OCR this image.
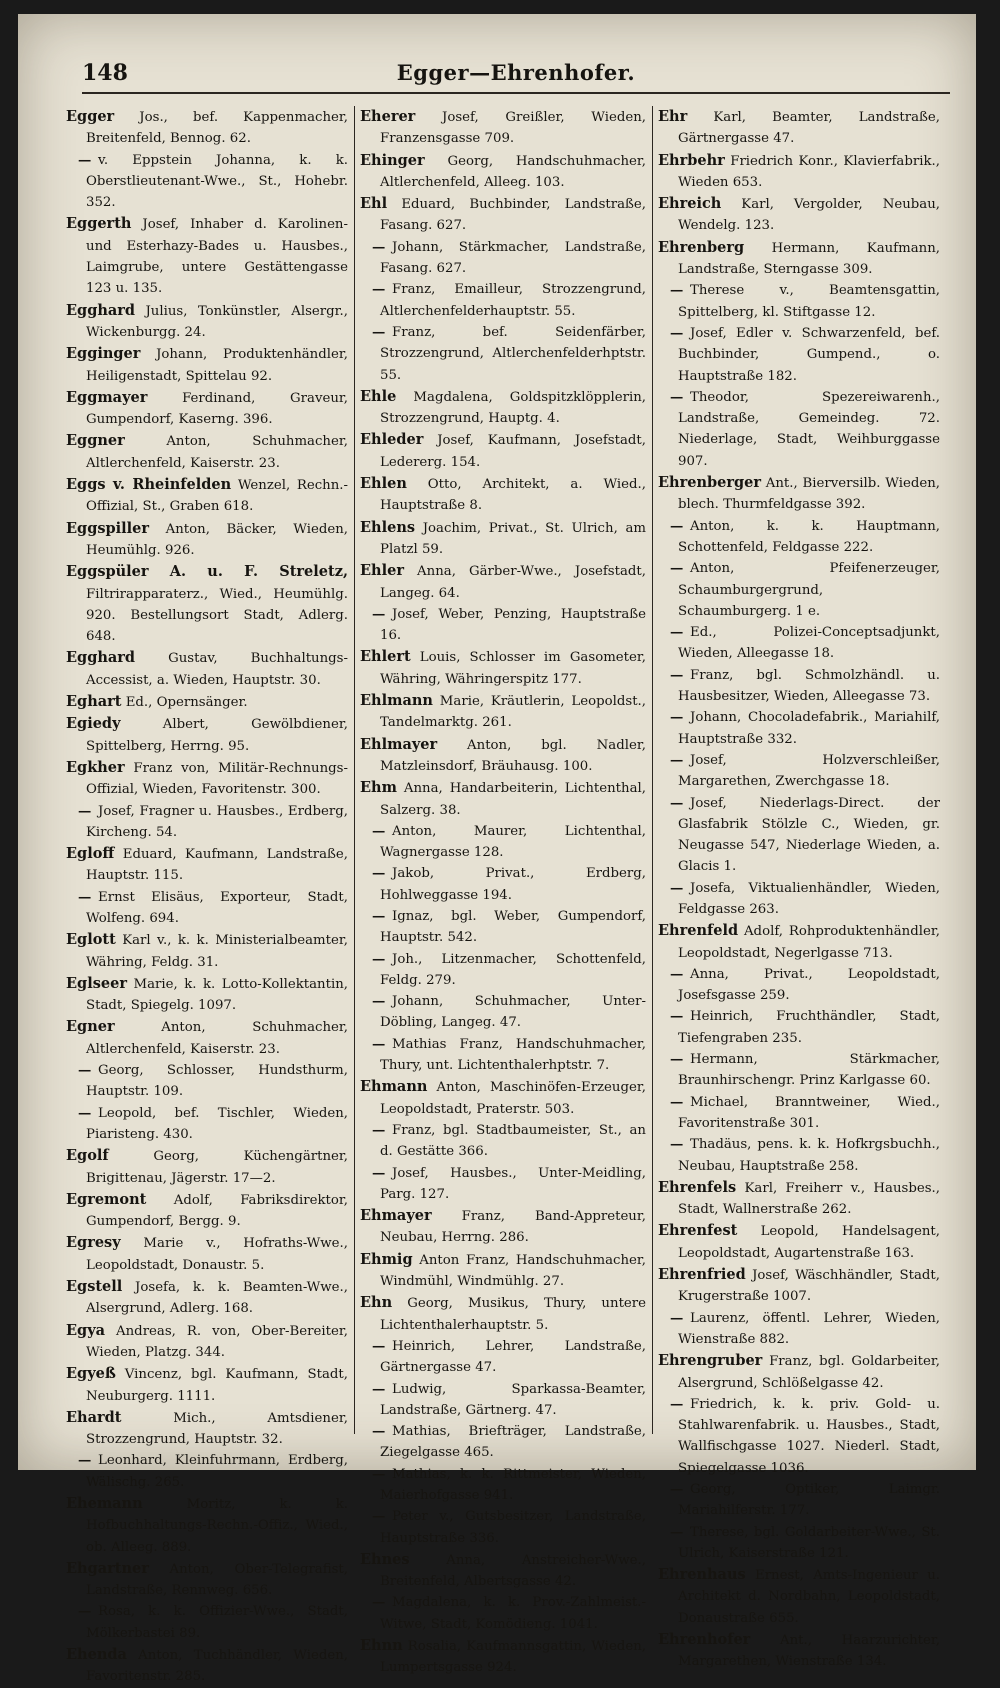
148	Egger—Ehrenhofer.

Egger Jos., bef. Kappenmacher, Breitenfeld, Bennog. 62.

— v. Eppstein Johanna, k. k. Oberstlieutenant-Wwe., St., Hohebr. 352.

Eggerth Josef, Inhaber d. Karolinen- und Esterhazy-Bades u. Hausbes., Laimgrube, untere Gestättengasse 123 u. 135.

Egghard Julius, Tonkünstler, Alsergr., Wickenburgg. 24.

Egginger Johann, Produktenhändler, Heiligenstadt, Spittelau 92.

Eggmayer	Ferdinand, Graveur, Gumpendorf, Kaserng. 396.

Eggner	Anton, Schuhmacher, Altlerchenfeld, Kaiserstr. 23.

Eggs v. Rheinfelden Wenzel, Rechn.-Offizial, St., Graben 618.

Eggspiller Anton, Bäcker, Wieden, Heumühlg. 926.

Eggspüler A. u. F. Streletz, Filtrirapparaterz., Wied., Heumühlg. 920. Bestellungsort Stadt, Adlerg. 648.

Egghard Gustav, Buchhaltungs-Accessist, a. Wieden, Hauptstr. 30.

Eghart Ed., Opernsänger.

Egiedy	Albert, Gewölbdiener, Spittelberg, Herrng. 95.

Egkher Franz von, Militär-Rechnungs-Offizial, Wieden, Favoritenstr. 300.

— Josef, Fragner u. Hausbes., Erdberg, Kircheng. 54.

Egloff Eduard, Kaufmann, Landstraße, Hauptstr. 115.

— Ernst Elisäus, Exporteur, Stadt, Wolfeng. 694.

Eglott Karl v., k. k. Ministerialbeamter, Währing, Feldg. 31.

Eglseer Marie, k. k. Lotto-Kollektantin, Stadt, Spiegelg. 1097.

Egner	Anton, Schuhmacher, Altlerchenfeld, Kaiserstr. 23.

— Georg, Schlosser, Hundsthurm, Hauptstr. 109.

— Leopold, bef. Tischler, Wieden, Piaristeng. 430.

Egolf	Georg, Küchengärtner, Brigittenau, Jägerstr. 17—2.

Egremont Adolf, Fabriksdirektor, Gumpendorf, Bergg. 9.

Egresy Marie v., Hofraths-Wwe., Leopoldstadt, Donaustr. 5.

Egstell Josefa, k. k. Beamten-Wwe., Alsergrund, Adlerg. 168.

Egya Andreas, R. von, Ober-Bereiter, Wieden, Platzg. 344.

Egyeß Vincenz, bgl. Kaufmann, Stadt, Neuburgerg. 1111.

Ehardt	Mich., Amtsdiener, Strozzengrund, Hauptstr. 32.

— Leonhard, Kleinfuhrmann, Erdberg, Wälischg. 265.

Ehemann	Moritz, k. k. Hofbuchhaltungs-Rechn.-Offiz., Wied., ob. Alleeg. 889.

Ehgartner Anton, Ober-Telegrafist, Landstraße, Rennweg. 656.

— Rosa, k. k. Offizier-Wwe., Stadt, Mölkerbastei 89.

Ehenda Anton, Tuchhändler, Wieden, Favoritenstr. 285.

Eherer Josef, Greißler, Wieden, Franzensgasse 709.

Ehinger Georg, Handschuhmacher, Altlerchenfeld, Alleeg. 103.

Ehl Eduard, Buchbinder, Landstraße, Fasang. 627.

— Johann, Stärkmacher, Landstraße, Fasang. 627.

— Franz, Emailleur, Strozzengrund, Altlerchenfelderhauptstr. 55.

— Franz, bef. Seidenfärber, Strozzengrund, Altlerchenfelderhptstr. 55.

Ehle Magdalena, Goldspitzklöpplerin, Strozzengrund, Hauptg. 4.

Ehleder Josef, Kaufmann, Josefstadt, Ledererg. 154.

Ehlen Otto, Architekt, a. Wied., Hauptstraße 8.

Ehlens Joachim, Privat., St. Ulrich, am Platzl 59.

Ehler Anna, Gärber-Wwe., Josefstadt, Langeg. 64.

— Josef, Weber, Penzing, Hauptstraße 16.

Ehlert Louis, Schlosser im Gasometer, Währing, Währingerspitz 177.

Ehlmann Marie, Kräutlerin, Leopoldst., Tandelmarktg. 261.

Ehlmayer Anton, bgl. Nadler, Matzleinsdorf, Bräuhausg. 100.

Ehm Anna, Handarbeiterin, Lichtenthal, Salzerg. 38.

— Anton, Maurer, Lichtenthal, Wagnergasse 128.

— Jakob, Privat., Erdberg, Hohlweggasse 194.

— Ignaz, bgl. Weber, Gumpendorf, Hauptstr. 542.

— Joh., Litzenmacher, Schottenfeld, Feldg. 279.

— Johann, Schuhmacher, Unter-Döbling, Langeg. 47.

— Mathias Franz, Handschuhmacher, Thury, unt. Lichtenthalerhptstr. 7.

Ehmann Anton, Maschinöfen-Erzeuger, Leopoldstadt, Praterstr. 503.

— Franz, bgl. Stadtbaumeister, St., an d. Gestätte 366.

— Josef, Hausbes., Unter-Meidling, Parg. 127.

Ehmayer Franz, Band-Appreteur, Neubau, Herrng. 286.

Ehmig Anton Franz, Handschuhmacher, Windmühl, Windmühlg. 27.

Ehn Georg, Musikus, Thury, untere Lichtenthalerhauptstr. 5.

— Heinrich, Lehrer, Landstraße, Gärtnergasse 47.

— Ludwig, Sparkassa-Beamter, Landstraße, Gärtnerg. 47.

— Mathias, Briefträger, Landstraße, Ziegelgasse 465.

— Mathias, k. k. Rittmeister, Wieden, Maierhofgasse 941.

— Peter v., Gutsbesitzer, Landstraße, Hauptstraße 336.

Ehnes	Anna, Anstreicher-Wwe., Breitenfeld, Albertsgasse 42.

— Magdalena, k. k. Prov.-Zahlmeist.-Witwe, Stadt, Komödieng. 1041.

Ehnn Rosalia, Kaufmannsgattin, Wieden, Lumpertsgasse 924.

Ehr Karl, Beamter, Landstraße, Gärtnergasse 47.

Ehrbehr Friedrich Konr., Klavierfabrik., Wieden 653.

Ehreich Karl, Vergolder, Neubau, Wendelg. 123.

Ehrenberg Hermann, Kaufmann, Landstraße, Sterngasse 309.

— Therese v., Beamtensgattin, Spittelberg, kl. Stiftgasse 12.

— Josef, Edler v. Schwarzenfeld, bef. Buchbinder, Gumpend., o. Hauptstraße 182.

— Theodor, Spezereiwarenh., Landstraße, Gemeindeg. 72. Niederlage, Stadt, Weihburggasse 907.

Ehrenberger Ant., Bierversilb. Wieden, blech. Thurmfeldgasse 392.

— Anton, k. k. Hauptmann, Schottenfeld, Feldgasse 222.

— Anton, Pfeifenerzeuger, Schaumburgergrund, Schaumburgerg. 1 e.

— Ed., Polizei-Conceptsadjunkt, Wieden, Alleegasse 18.

— Franz, bgl. Schmolzhändl. u. Hausbesitzer, Wieden, Alleegasse 73.

— Johann, Chocoladefabrik., Mariahilf, Hauptstraße 332.

— Josef, Holzverschleißer, Margarethen, Zwerchgasse 18.

— Josef, Niederlags-Direct. der Glasfabrik Stölzle C., Wieden, gr. Neugasse 547, Niederlage Wieden, a. Glacis 1.

— Josefa, Viktualienhändler, Wieden, Feldgasse 263.

Ehrenfeld Adolf, Rohproduktenhändler, Leopoldstadt, Negerlgasse 713.

— Anna, Privat., Leopoldstadt, Josefsgasse 259.

— Heinrich, Fruchthändler, Stadt, Tiefengraben 235.

— Hermann, Stärkmacher, Braunhirschengr. Prinz Karlgasse 60.

— Michael, Branntweiner, Wied., Favoritenstraße 301.

— Thadäus, pens. k. k. Hofkrgsbuchh., Neubau, Hauptstraße 258.

Ehrenfels Karl, Freiherr v., Hausbes., Stadt, Wallnerstraße 262.

Ehrenfest Leopold, Handelsagent, Leopoldstadt, Augartenstraße 163.

Ehrenfried Josef, Wäschhändler, Stadt, Krugerstraße 1007.

— Laurenz, öffentl. Lehrer, Wieden, Wienstraße 882.

Ehrengruber Franz, bgl. Goldarbeiter, Alsergrund, Schlößelgasse 42.

— Friedrich, k. k. priv. Gold- u. Stahlwarenfabrik. u. Hausbes., Stadt, Wallfischgasse 1027. Niederl. Stadt, Spiegelgasse 1036.

— Georg, Optiker, Laimgr. Mariahilferstr. 177.

— Therese, bgl. Goldarbeiter-Wwe., St. Ulrich, Kaiserstraße 121.

Ehrenhaus Ernest, Amts-Ingenieur u. Architekt d. Nordbahn, Leopoldstadt, Donaustraße 655.

Ehrenhofer Ant., Haarzurichter, Margarethen, Wienstraße 134.
